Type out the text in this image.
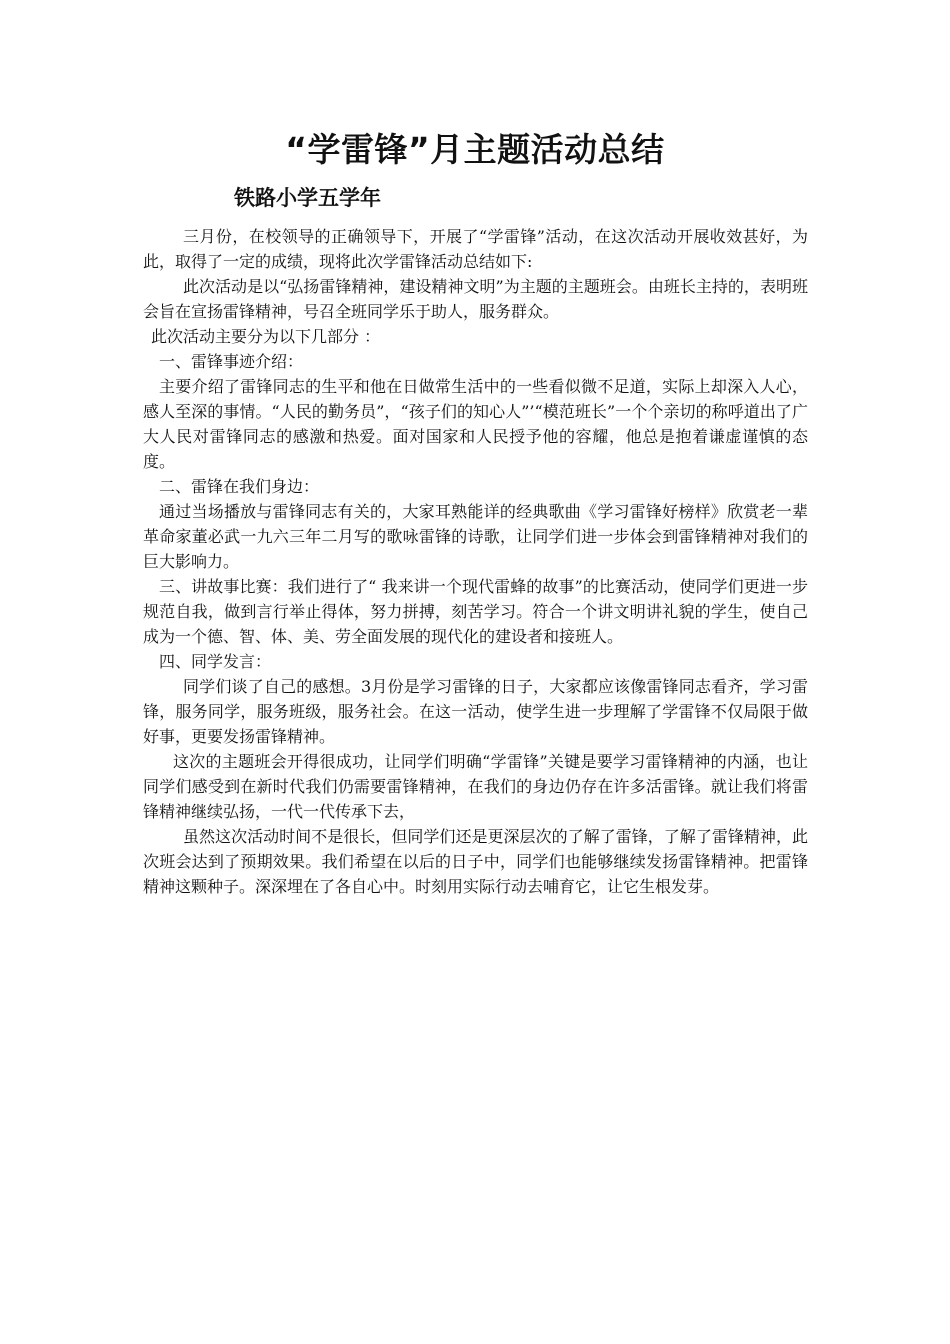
“学雷锋”月主题活动总结
铁路小学五学年

三月份，在校领导的正确领导下，开展了“学雷锋”活动，在这次活动开展收效甚好，为此，取得了一定的成绩，现将此次学雷锋活动总结如下:

此次活动是以“弘扬雷锋精神，建设精神文明”为主题的主题班会。由班长主持的，表明班会旨在宣扬雷锋精神，号召全班同学乐于助人，服务群众。

此次活动主要分为以下几部分 ：

一、雷锋事迹介绍：

主要介绍了雷锋同志的生平和他在日做常生活中的一些看似微不足道，实际上却深入人心，感人至深的事情。“人民的勤务员”，“孩子们的知心人”’“模范班长”一个个亲切的称呼道出了广大人民对雷锋同志的感激和热爱。面对国家和人民授予他的容耀，他总是抱着谦虚谨慎的态度。

二、雷锋在我们身边：

通过当场播放与雷锋同志有关的，大家耳熟能详的经典歌曲《学习雷锋好榜样》欣赏老一辈革命家董必武一九六三年二月写的歌咏雷锋的诗歌，让同学们进一步体会到雷锋精神对我们的巨大影响力。

三、讲故事比赛：我们进行了“ 我来讲一个现代雷蜂的故事”的比赛活动，使同学们更进一步规范自我，做到言行举止得体，努力拼搏，刻苦学习。符合一个讲文明讲礼貌的学生，使自己成为一个德、智、体、美、劳全面发展的现代化的建设者和接班人。

四、同学发言：

同学们谈了自己的感想。3月份是学习雷锋的日子，大家都应该像雷锋同志看齐，学习雷锋，服务同学，服务班级，服务社会。在这一活动，使学生进一步理解了学雷锋不仅局限于做好事，更要发扬雷锋精神。

这次的主题班会开得很成功，让同学们明确“学雷锋”关键是要学习雷锋精神的内涵，也让同学们感受到在新时代我们仍需要雷锋精神，在我们的身边仍存在许多活雷锋。就让我们将雷锋精神继续弘扬，一代一代传承下去，

虽然这次活动时间不是很长，但同学们还是更深层次的了解了雷锋，了解了雷锋精神，此次班会达到了预期效果。我们希望在以后的日子中，同学们也能够继续发扬雷锋精神。把雷锋精神这颗种子。深深埋在了各自心中。时刻用实际行动去哺育它，让它生根发芽。
